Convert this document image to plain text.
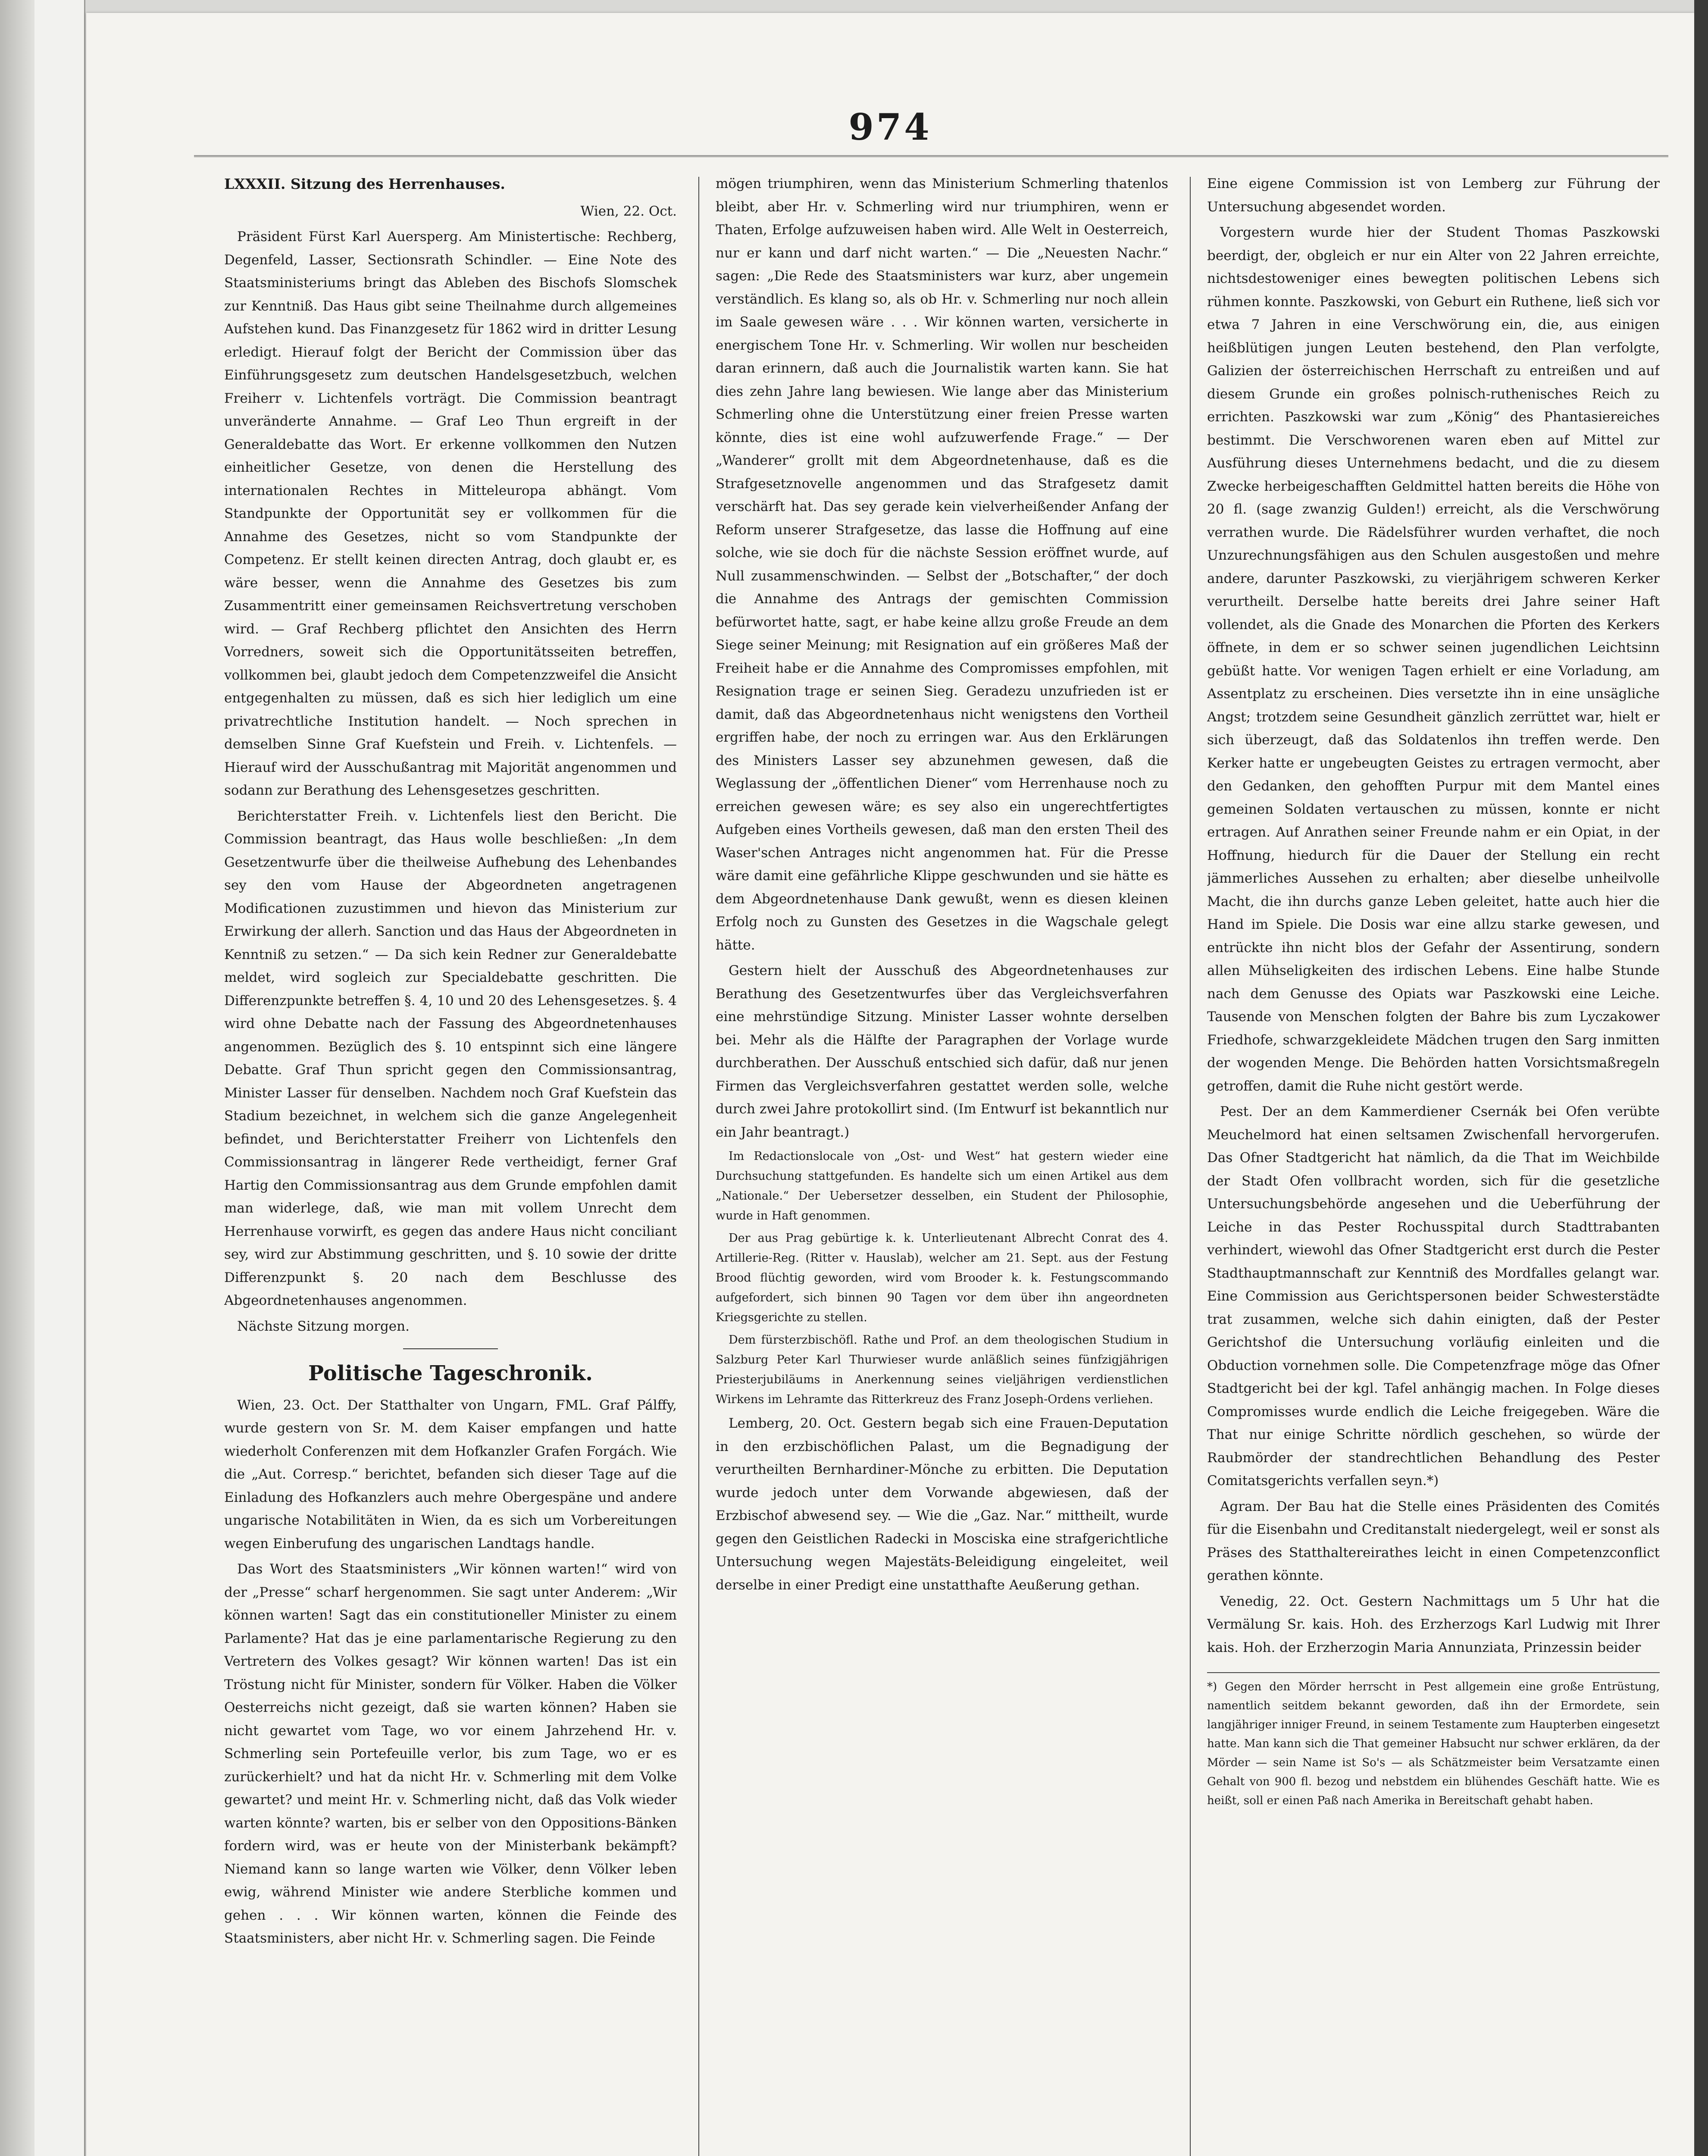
974
LXXXII. Sitzung des Herrenhauses.

Wien, 22. Oct.

Präsident Fürst Karl Auersperg. Am Ministertische: Rechberg, Degenfeld, Lasser, Sectionsrath Schindler. — Eine Note des Staatsministeriums bringt das Ableben des Bischofs Slomschek zur Kenntniß. Das Haus gibt seine Theilnahme durch allgemeines Aufstehen kund. Das Finanzgesetz für 1862 wird in dritter Lesung erledigt. Hierauf folgt der Bericht der Commission über das Einführungsgesetz zum deutschen Handelsgesetzbuch, welchen Freiherr v. Lichtenfels vorträgt. Die Commission beantragt unveränderte Annahme. — Graf Leo Thun ergreift in der Generaldebatte das Wort. Er erkenne vollkommen den Nutzen einheitlicher Gesetze, von denen die Herstellung des internationalen Rechtes in Mitteleuropa abhängt. Vom Standpunkte der Opportunität sey er vollkommen für die Annahme des Gesetzes, nicht so vom Standpunkte der Competenz. Er stellt keinen directen Antrag, doch glaubt er, es wäre besser, wenn die Annahme des Gesetzes bis zum Zusammentritt einer gemeinsamen Reichsvertretung verschoben wird. — Graf Rechberg pflichtet den Ansichten des Herrn Vorredners, soweit sich die Opportunitätsseiten betreffen, vollkommen bei, glaubt jedoch dem Competenzzweifel die Ansicht entgegenhalten zu müssen, daß es sich hier lediglich um eine privatrechtliche Institution handelt. — Noch sprechen in demselben Sinne Graf Kuefstein und Freih. v. Lichtenfels. — Hierauf wird der Ausschußantrag mit Majorität angenommen und sodann zur Berathung des Lehensgesetzes geschritten.

Berichterstatter Freih. v. Lichtenfels liest den Bericht. Die Commission beantragt, das Haus wolle beschließen: „In dem Gesetzentwurfe über die theilweise Aufhebung des Lehenbandes sey den vom Hause der Abgeordneten angetragenen Modificationen zuzustimmen und hievon das Ministerium zur Erwirkung der allerh. Sanction und das Haus der Abgeordneten in Kenntniß zu setzen.“ — Da sich kein Redner zur Generaldebatte meldet, wird sogleich zur Specialdebatte geschritten. Die Differenzpunkte betreffen §. 4, 10 und 20 des Lehensgesetzes. §. 4 wird ohne Debatte nach der Fassung des Abgeordnetenhauses angenommen. Bezüglich des §. 10 entspinnt sich eine längere Debatte. Graf Thun spricht gegen den Commissionsantrag, Minister Lasser für denselben. Nachdem noch Graf Kuefstein das Stadium bezeichnet, in welchem sich die ganze Angelegenheit befindet, und Berichterstatter Freiherr von Lichtenfels den Commissionsantrag in längerer Rede vertheidigt, ferner Graf Hartig den Commissionsantrag aus dem Grunde empfohlen damit man widerlege, daß, wie man mit vollem Unrecht dem Herrenhause vorwirft, es gegen das andere Haus nicht conciliant sey, wird zur Abstimmung geschritten, und §. 10 sowie der dritte Differenzpunkt §. 20 nach dem Beschlusse des Abgeordnetenhauses angenommen.

Nächste Sitzung morgen.

Politische Tageschronik.

Wien, 23. Oct. Der Statthalter von Ungarn, FML. Graf Pálffy, wurde gestern von Sr. M. dem Kaiser empfangen und hatte wiederholt Conferenzen mit dem Hofkanzler Grafen Forgách. Wie die „Aut. Corresp.“ berichtet, befanden sich dieser Tage auf die Einladung des Hofkanzlers auch mehre Obergespäne und andere ungarische Notabilitäten in Wien, da es sich um Vorbereitungen wegen Einberufung des ungarischen Landtags handle.

Das Wort des Staatsministers „Wir können warten!“ wird von der „Presse“ scharf hergenommen. Sie sagt unter Anderem: „Wir können warten! Sagt das ein constitutioneller Minister zu einem Parlamente? Hat das je eine parlamentarische Regierung zu den Vertretern des Volkes gesagt? Wir können warten! Das ist ein Tröstung nicht für Minister, sondern für Völker. Haben die Völker Oesterreichs nicht gezeigt, daß sie warten können? Haben sie nicht gewartet vom Tage, wo vor einem Jahrzehend Hr. v. Schmerling sein Portefeuille verlor, bis zum Tage, wo er es zurückerhielt? und hat da nicht Hr. v. Schmerling mit dem Volke gewartet? und meint Hr. v. Schmerling nicht, daß das Volk wieder warten könnte? warten, bis er selber von den Oppositions-Bänken fordern wird, was er heute von der Ministerbank bekämpft? Niemand kann so lange warten wie Völker, denn Völker leben ewig, während Minister wie andere Sterbliche kommen und gehen . . . Wir können warten, können die Feinde des Staatsministers, aber nicht Hr. v. Schmerling sagen. Die Feinde

mögen triumphiren, wenn das Ministerium Schmerling thatenlos bleibt, aber Hr. v. Schmerling wird nur triumphiren, wenn er Thaten, Erfolge aufzuweisen haben wird. Alle Welt in Oesterreich, nur er kann und darf nicht warten.“ — Die „Neuesten Nachr.“ sagen: „Die Rede des Staatsministers war kurz, aber ungemein verständlich. Es klang so, als ob Hr. v. Schmerling nur noch allein im Saale gewesen wäre . . . Wir können warten, versicherte in energischem Tone Hr. v. Schmerling. Wir wollen nur bescheiden daran erinnern, daß auch die Journalistik warten kann. Sie hat dies zehn Jahre lang bewiesen. Wie lange aber das Ministerium Schmerling ohne die Unterstützung einer freien Presse warten könnte, dies ist eine wohl aufzuwerfende Frage.“ — Der „Wanderer“ grollt mit dem Abgeordnetenhause, daß es die Strafgesetznovelle angenommen und das Strafgesetz damit verschärft hat. Das sey gerade kein vielverheißender Anfang der Reform unserer Strafgesetze, das lasse die Hoffnung auf eine solche, wie sie doch für die nächste Session eröffnet wurde, auf Null zusammenschwinden. — Selbst der „Botschafter,“ der doch die Annahme des Antrags der gemischten Commission befürwortet hatte, sagt, er habe keine allzu große Freude an dem Siege seiner Meinung; mit Resignation auf ein größeres Maß der Freiheit habe er die Annahme des Compromisses empfohlen, mit Resignation trage er seinen Sieg. Geradezu unzufrieden ist er damit, daß das Abgeordnetenhaus nicht wenigstens den Vortheil ergriffen habe, der noch zu erringen war. Aus den Erklärungen des Ministers Lasser sey abzunehmen gewesen, daß die Weglassung der „öffentlichen Diener“ vom Herrenhause noch zu erreichen gewesen wäre; es sey also ein ungerechtfertigtes Aufgeben eines Vortheils gewesen, daß man den ersten Theil des Waser'schen Antrages nicht angenommen hat. Für die Presse wäre damit eine gefährliche Klippe geschwunden und sie hätte es dem Abgeordnetenhause Dank gewußt, wenn es diesen kleinen Erfolg noch zu Gunsten des Gesetzes in die Wagschale gelegt hätte.

Gestern hielt der Ausschuß des Abgeordnetenhauses zur Berathung des Gesetzentwurfes über das Vergleichsverfahren eine mehrstündige Sitzung. Minister Lasser wohnte derselben bei. Mehr als die Hälfte der Paragraphen der Vorlage wurde durchberathen. Der Ausschuß entschied sich dafür, daß nur jenen Firmen das Vergleichsverfahren gestattet werden solle, welche durch zwei Jahre protokollirt sind. (Im Entwurf ist bekanntlich nur ein Jahr beantragt.)

Im Redactionslocale von „Ost- und West“ hat gestern wieder eine Durchsuchung stattgefunden. Es handelte sich um einen Artikel aus dem „Nationale.“ Der Uebersetzer desselben, ein Student der Philosophie, wurde in Haft genommen.

Der aus Prag gebürtige k. k. Unterlieutenant Albrecht Conrat des 4. Artillerie-Reg. (Ritter v. Hauslab), welcher am 21. Sept. aus der Festung Brood flüchtig geworden, wird vom Brooder k. k. Festungscommando aufgefordert, sich binnen 90 Tagen vor dem über ihn angeordneten Kriegsgerichte zu stellen.

Dem fürsterzbischöfl. Rathe und Prof. an dem theologischen Studium in Salzburg Peter Karl Thurwieser wurde anläßlich seines fünfzigjährigen Priesterjubiläums in Anerkennung seines vieljährigen verdienstlichen Wirkens im Lehramte das Ritterkreuz des Franz Joseph-Ordens verliehen.

Lemberg, 20. Oct. Gestern begab sich eine Frauen-Deputation in den erzbischöflichen Palast, um die Begnadigung der verurtheilten Bernhardiner-Mönche zu erbitten. Die Deputation wurde jedoch unter dem Vorwande abgewiesen, daß der Erzbischof abwesend sey. — Wie die „Gaz. Nar.“ mittheilt, wurde gegen den Geistlichen Radecki in Mosciska eine strafgerichtliche Untersuchung wegen Majestäts-Beleidigung eingeleitet, weil derselbe in einer Predigt eine unstatthafte Aeußerung gethan.

Eine eigene Commission ist von Lemberg zur Führung der Untersuchung abgesendet worden.

Vorgestern wurde hier der Student Thomas Paszkowski beerdigt, der, obgleich er nur ein Alter von 22 Jahren erreichte, nichtsdestoweniger eines bewegten politischen Lebens sich rühmen konnte. Paszkowski, von Geburt ein Ruthene, ließ sich vor etwa 7 Jahren in eine Verschwörung ein, die, aus einigen heißblütigen jungen Leuten bestehend, den Plan verfolgte, Galizien der österreichischen Herrschaft zu entreißen und auf diesem Grunde ein großes polnisch-ruthenisches Reich zu errichten. Paszkowski war zum „König“ des Phantasiereiches bestimmt. Die Verschworenen waren eben auf Mittel zur Ausführung dieses Unternehmens bedacht, und die zu diesem Zwecke herbeigeschafften Geldmittel hatten bereits die Höhe von 20 fl. (sage zwanzig Gulden!) erreicht, als die Verschwörung verrathen wurde. Die Rädelsführer wurden verhaftet, die noch Unzurechnungsfähigen aus den Schulen ausgestoßen und mehre andere, darunter Paszkowski, zu vierjährigem schweren Kerker verurtheilt. Derselbe hatte bereits drei Jahre seiner Haft vollendet, als die Gnade des Monarchen die Pforten des Kerkers öffnete, in dem er so schwer seinen jugendlichen Leichtsinn gebüßt hatte. Vor wenigen Tagen erhielt er eine Vorladung, am Assentplatz zu erscheinen. Dies versetzte ihn in eine unsägliche Angst; trotzdem seine Gesundheit gänzlich zerrüttet war, hielt er sich überzeugt, daß das Soldatenlos ihn treffen werde. Den Kerker hatte er ungebeugten Geistes zu ertragen vermocht, aber den Gedanken, den gehofften Purpur mit dem Mantel eines gemeinen Soldaten vertauschen zu müssen, konnte er nicht ertragen. Auf Anrathen seiner Freunde nahm er ein Opiat, in der Hoffnung, hiedurch für die Dauer der Stellung ein recht jämmerliches Aussehen zu erhalten; aber dieselbe unheilvolle Macht, die ihn durchs ganze Leben geleitet, hatte auch hier die Hand im Spiele. Die Dosis war eine allzu starke gewesen, und entrückte ihn nicht blos der Gefahr der Assentirung, sondern allen Mühseligkeiten des irdischen Lebens. Eine halbe Stunde nach dem Genusse des Opiats war Paszkowski eine Leiche. Tausende von Menschen folgten der Bahre bis zum Lyczakower Friedhofe, schwarzgekleidete Mädchen trugen den Sarg inmitten der wogenden Menge. Die Behörden hatten Vorsichtsmaßregeln getroffen, damit die Ruhe nicht gestört werde.

Pest. Der an dem Kammerdiener Csernák bei Ofen verübte Meuchelmord hat einen seltsamen Zwischenfall hervorgerufen. Das Ofner Stadtgericht hat nämlich, da die That im Weichbilde der Stadt Ofen vollbracht worden, sich für die gesetzliche Untersuchungsbehörde angesehen und die Ueberführung der Leiche in das Pester Rochusspital durch Stadttrabanten verhindert, wiewohl das Ofner Stadtgericht erst durch die Pester Stadthauptmannschaft zur Kenntniß des Mordfalles gelangt war. Eine Commission aus Gerichtspersonen beider Schwesterstädte trat zusammen, welche sich dahin einigten, daß der Pester Gerichtshof die Untersuchung vorläufig einleiten und die Obduction vornehmen solle. Die Competenzfrage möge das Ofner Stadtgericht bei der kgl. Tafel anhängig machen. In Folge dieses Compromisses wurde endlich die Leiche freigegeben. Wäre die That nur einige Schritte nördlich geschehen, so würde der Raubmörder der standrechtlichen Behandlung des Pester Comitatsgerichts verfallen seyn.*)

Agram. Der Bau hat die Stelle eines Präsidenten des Comités für die Eisenbahn und Creditanstalt niedergelegt, weil er sonst als Präses des Statthaltereirathes leicht in einen Competenzconflict gerathen könnte.

Venedig, 22. Oct. Gestern Nachmittags um 5 Uhr hat die Vermälung Sr. kais. Hoh. des Erzherzogs Karl Ludwig mit Ihrer kais. Hoh. der Erzherzogin Maria Annunziata, Prinzessin beider

*) Gegen den Mörder herrscht in Pest allgemein eine große Entrüstung, namentlich seitdem bekannt geworden, daß ihn der Ermordete, sein langjähriger inniger Freund, in seinem Testamente zum Haupterben eingesetzt hatte. Man kann sich die That gemeiner Habsucht nur schwer erklären, da der Mörder — sein Name ist So's — als Schätzmeister beim Versatzamte einen Gehalt von 900 fl. bezog und nebstdem ein blühendes Geschäft hatte. Wie es heißt, soll er einen Paß nach Amerika in Bereitschaft gehabt haben.
